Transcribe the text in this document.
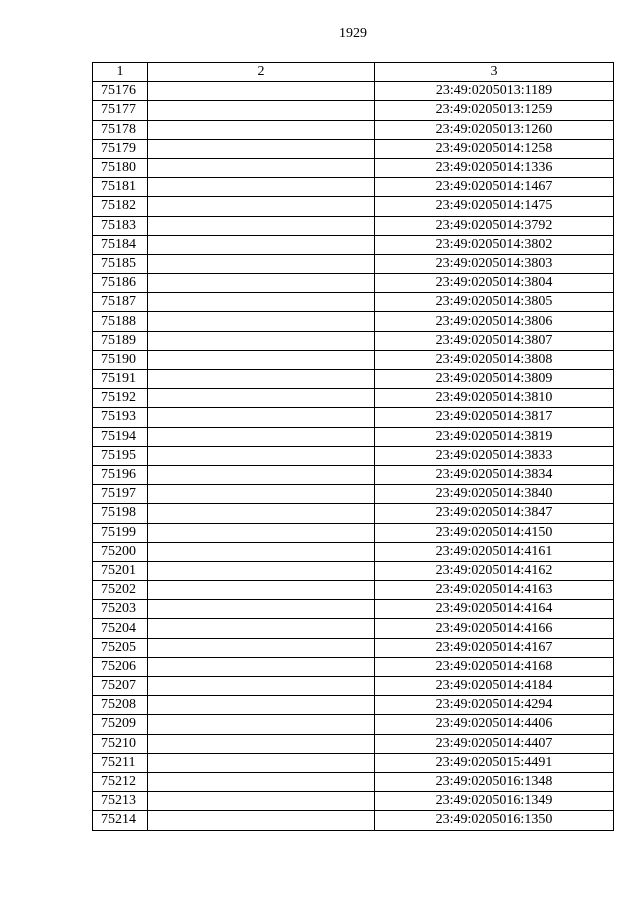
1929
1	2	3
75176		23:49:0205013:1189
75177		23:49:0205013:1259
75178		23:49:0205013:1260
75179		23:49:0205014:1258
75180		23:49:0205014:1336
75181		23:49:0205014:1467
75182		23:49:0205014:1475
75183		23:49:0205014:3792
75184		23:49:0205014:3802
75185		23:49:0205014:3803
75186		23:49:0205014:3804
75187		23:49:0205014:3805
75188		23:49:0205014:3806
75189		23:49:0205014:3807
75190		23:49:0205014:3808
75191		23:49:0205014:3809
75192		23:49:0205014:3810
75193		23:49:0205014:3817
75194		23:49:0205014:3819
75195		23:49:0205014:3833
75196		23:49:0205014:3834
75197		23:49:0205014:3840
75198		23:49:0205014:3847
75199		23:49:0205014:4150
75200		23:49:0205014:4161
75201		23:49:0205014:4162
75202		23:49:0205014:4163
75203		23:49:0205014:4164
75204		23:49:0205014:4166
75205		23:49:0205014:4167
75206		23:49:0205014:4168
75207		23:49:0205014:4184
75208		23:49:0205014:4294
75209		23:49:0205014:4406
75210		23:49:0205014:4407
75211		23:49:0205015:4491
75212		23:49:0205016:1348
75213		23:49:0205016:1349
75214		23:49:0205016:1350
